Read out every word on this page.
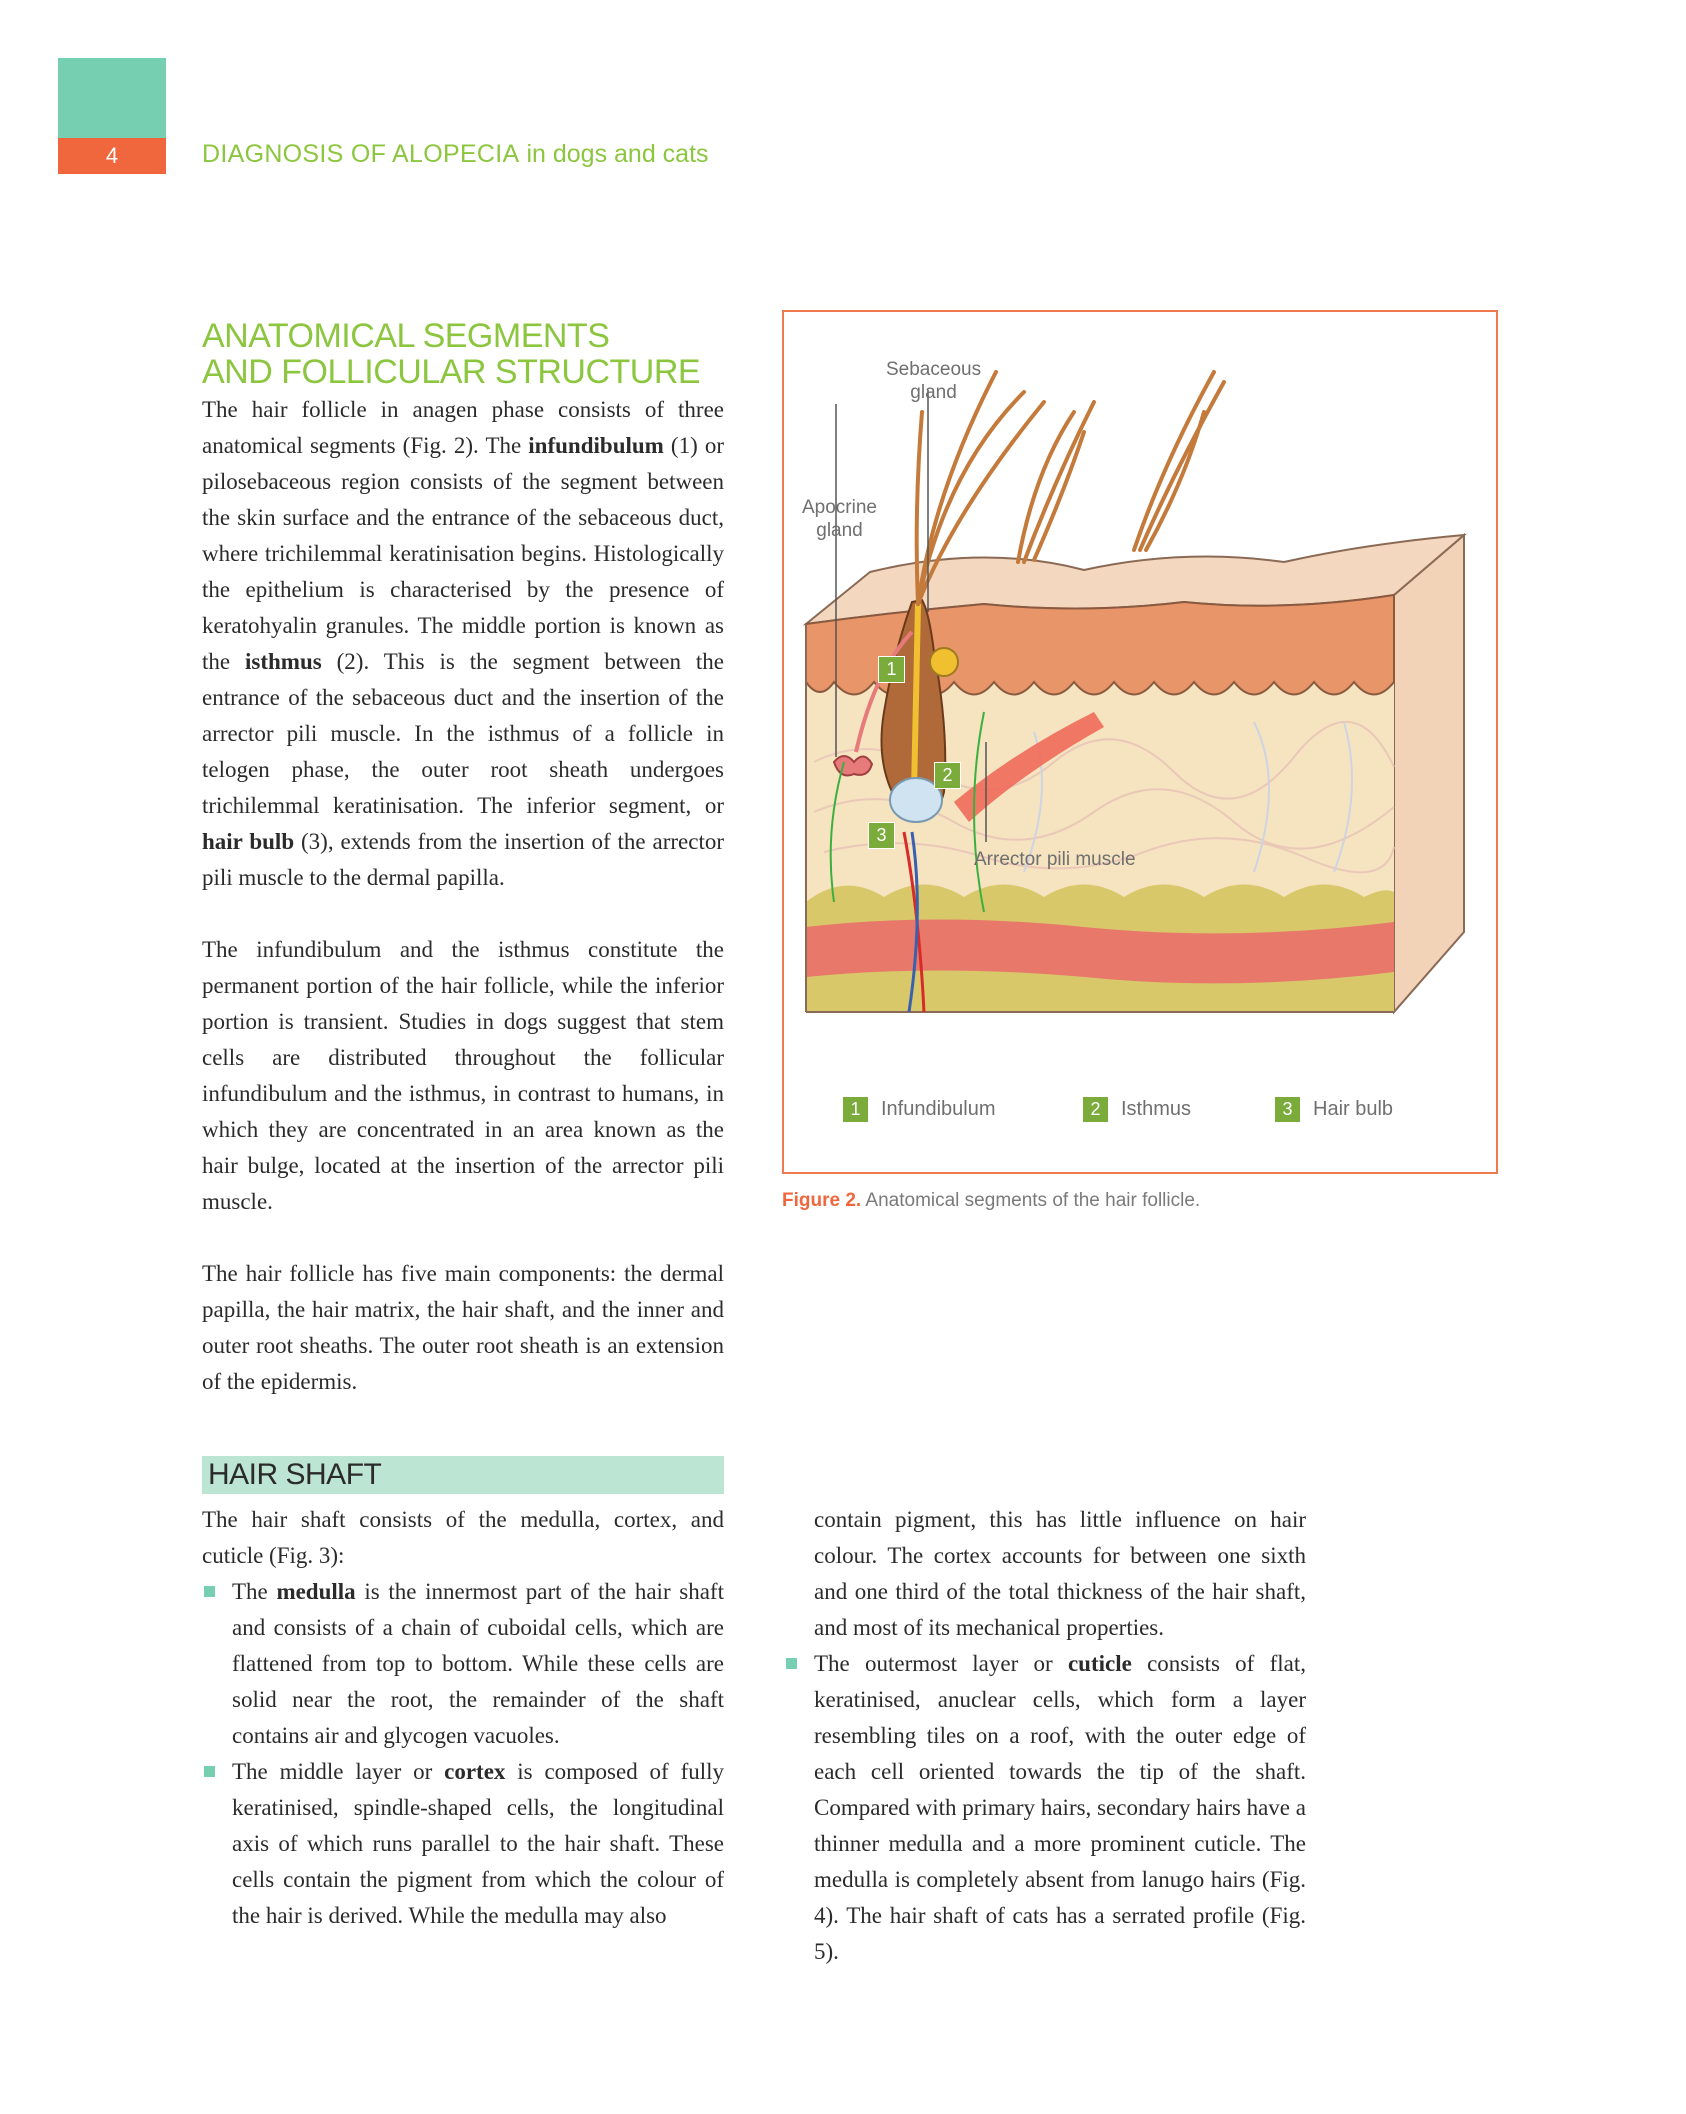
4	DIAGNOSIS OF ALOPECIA in dogs and cats
ANATOMICAL SEGMENTS
AND FOLLICULAR STRUCTURE

The hair follicle in anagen phase consists of three anatomical segments (Fig. 2). The infundibulum (1) or pilosebaceous region consists of the segment between the skin surface and the entrance of the sebaceous duct, where trichilemmal keratinisation begins. Histologically the epithelium is characterised by the presence of keratohyalin granules. The middle portion is known as the isthmus (2). This is the segment between the entrance of the sebaceous duct and the insertion of the arrector pili muscle. In the isthmus of a follicle in telogen phase, the outer root sheath undergoes trichilemmal keratinisation. The inferior segment, or hair bulb (3), extends from the insertion of the arrector pili muscle to the dermal papilla.

The infundibulum and the isthmus constitute the permanent portion of the hair follicle, while the inferior portion is transient. Studies in dogs suggest that stem cells are distributed throughout the follicular infundibulum and the isthmus, in contrast to humans, in which they are concentrated in an area known as the hair bulge, located at the insertion of the arrector pili muscle.

The hair follicle has five main components: the dermal papilla, the hair matrix, the hair shaft, and the inner and outer root sheaths. The outer root sheath is an extension of the epidermis.

Sebaceous
gland
Apocrine
gland
Arrector pili muscle
1
2
3
1	Infundibulum	2	Isthmus	3	Hair bulb
Figure 2. Anatomical segments of the hair follicle.
HAIR SHAFT

The hair shaft consists of the medulla, cortex, and cuticle (Fig. 3):

The medulla is the innermost part of the hair shaft and consists of a chain of cuboidal cells, which are flattened from top to bottom. While these cells are solid near the root, the remainder of the shaft contains air and glycogen vacuoles.

The middle layer or cortex is composed of fully keratinised, spindle-shaped cells, the longitudinal axis of which runs parallel to the hair shaft. These cells contain the pigment from which the colour of the hair is derived. While the medulla may also

contain pigment, this has little influence on hair colour. The cortex accounts for between one sixth and one third of the total thickness of the hair shaft, and most of its mechanical properties.

The outermost layer or cuticle consists of flat, keratinised, anuclear cells, which form a layer resembling tiles on a roof, with the outer edge of each cell oriented towards the tip of the shaft. Compared with primary hairs, secondary hairs have a thinner medulla and a more prominent cuticle. The medulla is completely absent from lanugo hairs (Fig. 4). The hair shaft of cats has a serrated profile (Fig. 5).
